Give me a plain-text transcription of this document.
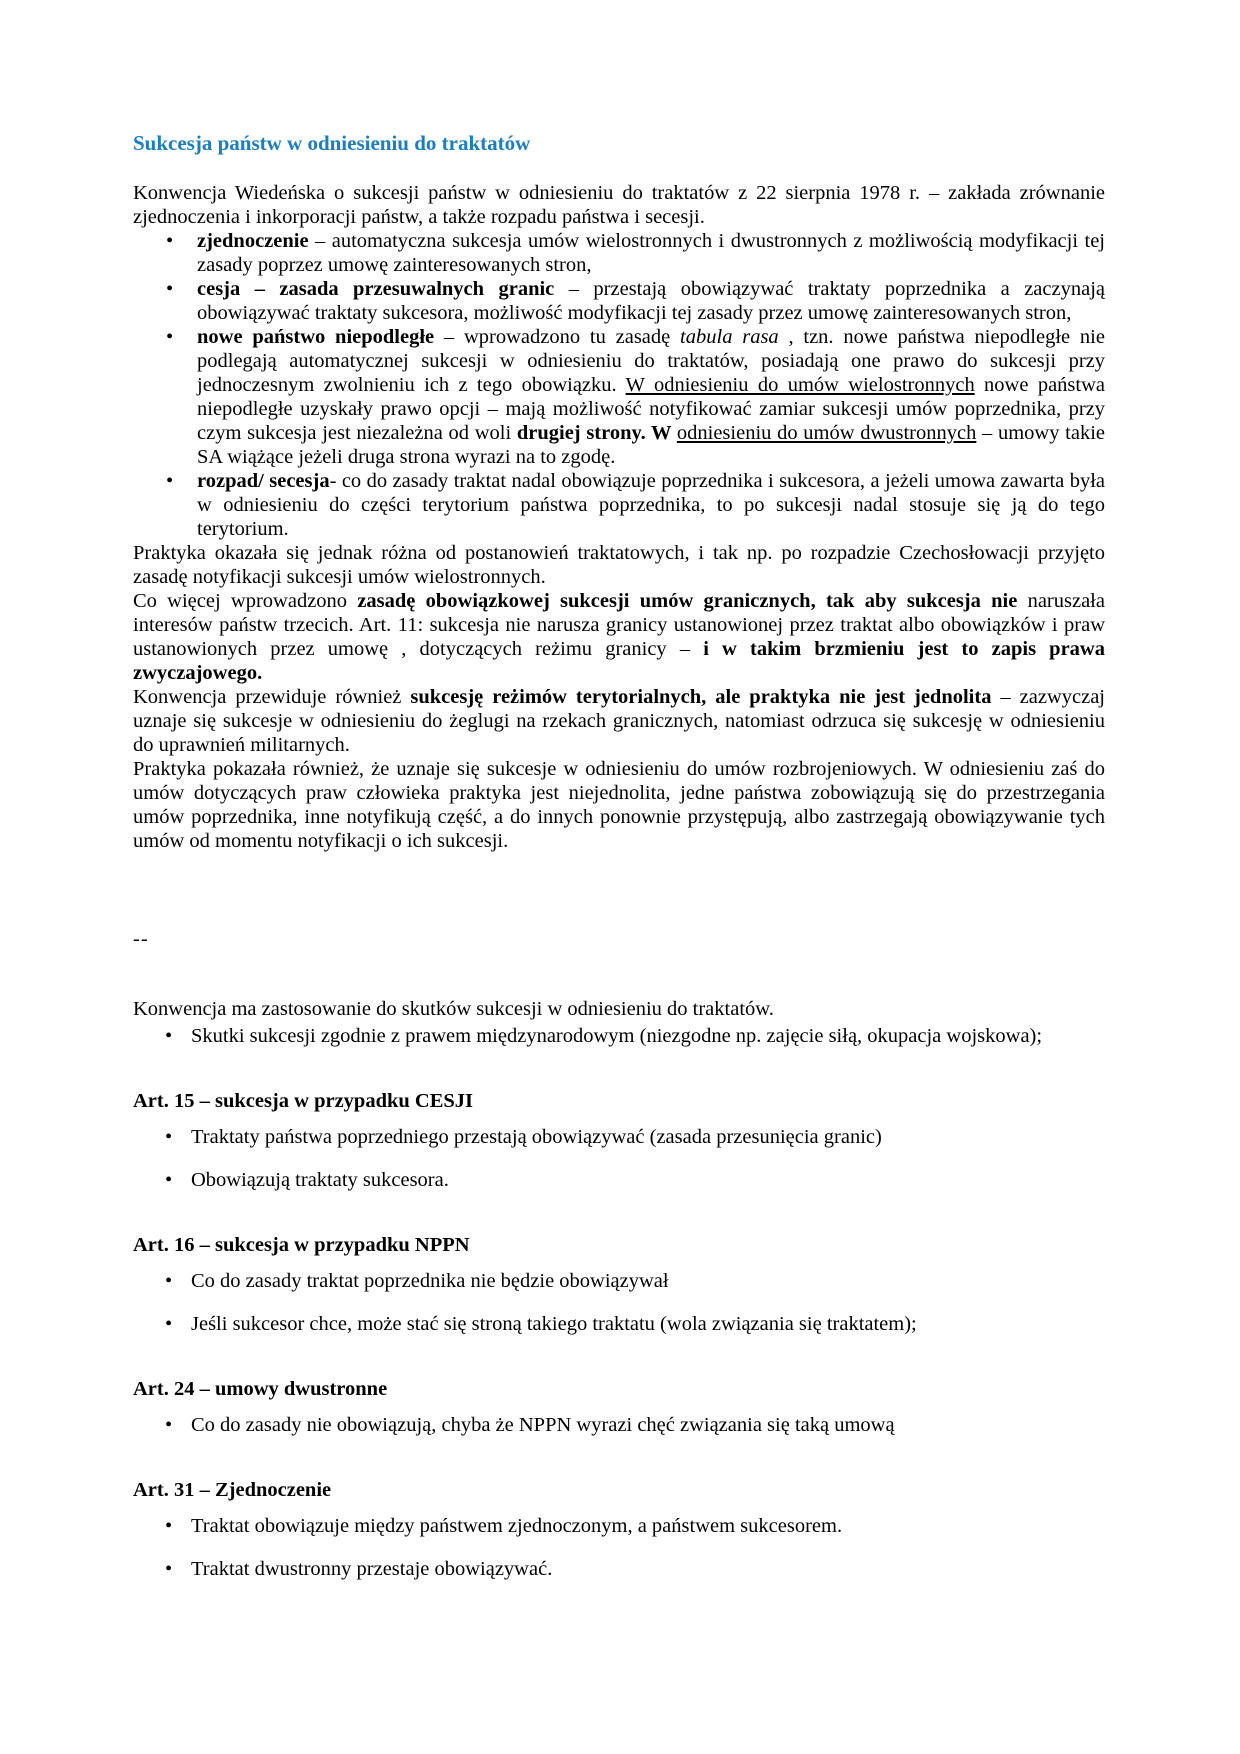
Sukcesja państw w odniesieniu do traktatów

Konwencja Wiedeńska o sukcesji państw w odniesieniu do traktatów z 22 sierpnia 1978 r. – zakłada zrównanie zjednoczenia i inkorporacji państw, a także rozpadu państwa i secesji.

• zjednoczenie – automatyczna sukcesja umów wielostronnych i dwustronnych z możliwością modyfikacji tej zasady poprzez umowę zainteresowanych stron,
• cesja – zasada przesuwalnych granic – przestają obowiązywać traktaty poprzednika a zaczynają obowiązywać traktaty sukcesora, możliwość modyfikacji tej zasady przez umowę zainteresowanych stron,
• nowe państwo niepodległe – wprowadzono tu zasadę tabula rasa , tzn. nowe państwa niepodległe nie podlegają automatycznej sukcesji w odniesieniu do traktatów, posiadają one prawo do sukcesji przy jednoczesnym zwolnieniu ich z tego obowiązku. W odniesieniu do umów wielostronnych nowe państwa niepodległe uzyskały prawo opcji – mają możliwość notyfikować zamiar sukcesji umów poprzednika, przy czym sukcesja jest niezależna od woli drugiej strony. W odniesieniu do umów dwustronnych – umowy takie SA wiążące jeżeli druga strona wyrazi na to zgodę.
• rozpad/ secesja- co do zasady traktat nadal obowiązuje poprzednika i sukcesora, a jeżeli umowa zawarta była w odniesieniu do części terytorium państwa poprzednika, to po sukcesji nadal stosuje się ją do tego terytorium.

Praktyka okazała się jednak różna od postanowień traktatowych, i tak np. po rozpadzie Czechosłowacji przyjęto zasadę notyfikacji sukcesji umów wielostronnych.

Co więcej wprowadzono zasadę obowiązkowej sukcesji umów granicznych, tak aby sukcesja nie naruszała interesów państw trzecich. Art. 11: sukcesja nie narusza granicy ustanowionej przez traktat albo obowiązków i praw ustanowionych przez umowę , dotyczących reżimu granicy – i w takim brzmieniu jest to zapis prawa zwyczajowego.

Konwencja przewiduje również sukcesję reżimów terytorialnych, ale praktyka nie jest jednolita – zazwyczaj uznaje się sukcesje w odniesieniu do żeglugi na rzekach granicznych, natomiast odrzuca się sukcesję w odniesieniu do uprawnień militarnych.

Praktyka pokazała również, że uznaje się sukcesje w odniesieniu do umów rozbrojeniowych. W odniesieniu zaś do umów dotyczących praw człowieka praktyka jest niejednolita, jedne państwa zobowiązują się do przestrzegania umów poprzednika, inne notyfikują część, a do innych ponownie przystępują, albo zastrzegają obowiązywanie tych umów od momentu notyfikacji o ich sukcesji.

--

Konwencja ma zastosowanie do skutków sukcesji w odniesieniu do traktatów.

• Skutki sukcesji zgodnie z prawem międzynarodowym (niezgodne np. zajęcie siłą, okupacja wojskowa);

Art. 15 – sukcesja w przypadku CESJI

• Traktaty państwa poprzedniego przestają obowiązywać (zasada przesunięcia granic)
• Obowiązują traktaty sukcesora.

Art. 16 – sukcesja w przypadku NPPN

• Co do zasady traktat poprzednika nie będzie obowiązywał
• Jeśli sukcesor chce, może stać się stroną takiego traktatu (wola związania się traktatem);

Art. 24 – umowy dwustronne

• Co do zasady nie obowiązują, chyba że NPPN wyrazi chęć związania się taką umową

Art. 31 – Zjednoczenie

• Traktat obowiązuje między państwem zjednoczonym, a państwem sukcesorem.
• Traktat dwustronny przestaje obowiązywać.
